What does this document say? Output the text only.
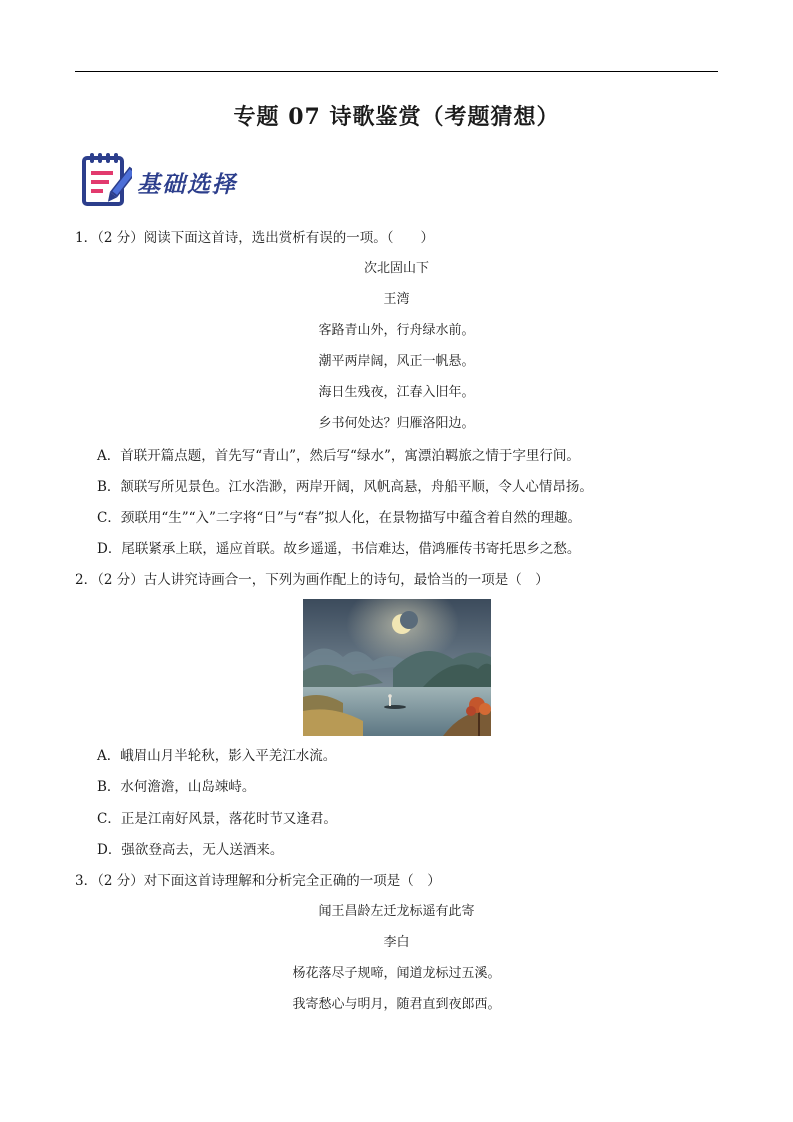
专题 07 诗歌鉴赏（考题猜想）
基础选择
1．（2 分）阅读下面这首诗，选出赏析有误的一项。（　　）
次北固山下
王湾
客路青山外，行舟绿水前。
潮平两岸阔，风正一帆悬。
海日生残夜，江春入旧年。
乡书何处达？归雁洛阳边。
A．首联开篇点题，首先写“青山”，然后写“绿水”，寓漂泊羁旅之情于字里行间。
B．颔联写所见景色。江水浩渺，两岸开阔，风帆高悬，舟船平顺，令人心情昂扬。
C．颈联用“生”“入”二字将“日”与“春”拟人化，在景物描写中蕴含着自然的理趣。
D．尾联紧承上联，遥应首联。故乡遥遥，书信难达，借鸿雁传书寄托思乡之愁。
2．（2 分）古人讲究诗画合一，下列为画作配上的诗句，最恰当的一项是（　）
A．峨眉山月半轮秋，影入平羌江水流。
B．水何澹澹，山岛竦峙。
C．正是江南好风景，落花时节又逢君。
D．强欲登高去，无人送酒来。
3．（2 分）对下面这首诗理解和分析完全正确的一项是（　）
闻王昌龄左迁龙标遥有此寄
李白
杨花落尽子规啼，闻道龙标过五溪。
我寄愁心与明月，随君直到夜郎西。
